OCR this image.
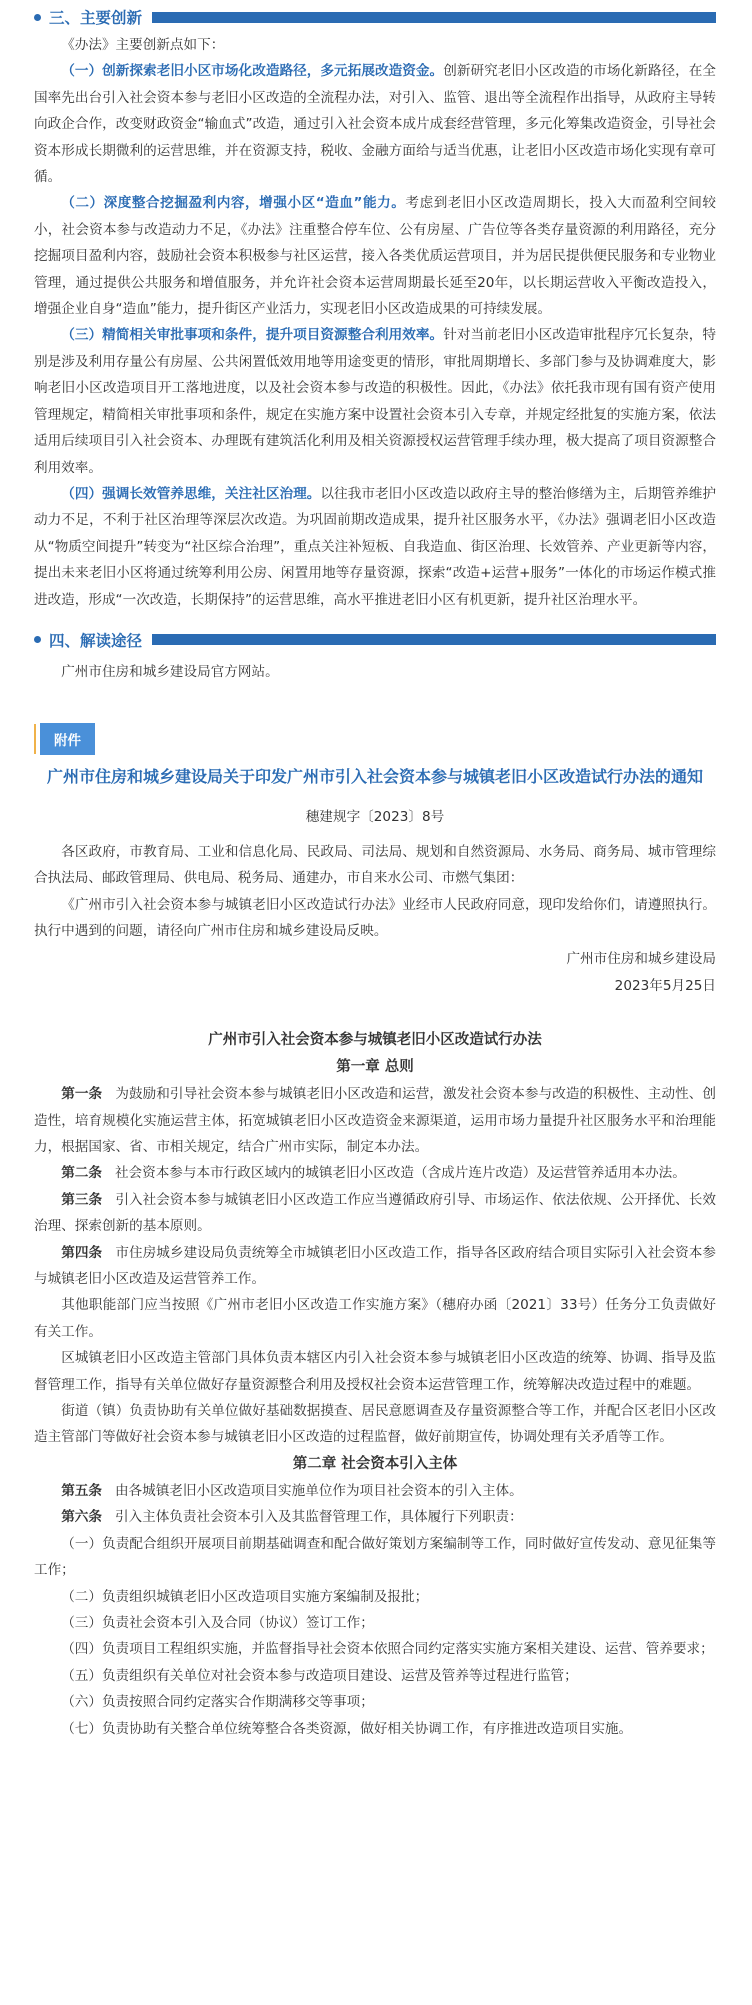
三、主要创新

《办法》主要创新点如下：

（一）创新探索老旧小区市场化改造路径，多元拓展改造资金。创新研究老旧小区改造的市场化新路径，在全国率先出台引入社会资本参与老旧小区改造的全流程办法，对引入、监管、退出等全流程作出指导，从政府主导转向政企合作，改变财政资金“输血式”改造，通过引入社会资本成片成套经营管理，多元化筹集改造资金，引导社会资本形成长期微利的运营思维，并在资源支持，税收、金融方面给与适当优惠，让老旧小区改造市场化实现有章可循。

（二）深度整合挖掘盈利内容，增强小区“造血”能力。考虑到老旧小区改造周期长，投入大而盈利空间较小，社会资本参与改造动力不足，《办法》注重整合停车位、公有房屋、广告位等各类存量资源的利用路径，充分挖掘项目盈利内容，鼓励社会资本积极参与社区运营，接入各类优质运营项目，并为居民提供便民服务和专业物业管理，通过提供公共服务和增值服务，并允许社会资本运营周期最长延至20年，以长期运营收入平衡改造投入，增强企业自身“造血”能力，提升街区产业活力，实现老旧小区改造成果的可持续发展。

（三）精简相关审批事项和条件，提升项目资源整合利用效率。针对当前老旧小区改造审批程序冗长复杂，特别是涉及利用存量公有房屋、公共闲置低效用地等用途变更的情形，审批周期增长、多部门参与及协调难度大，影响老旧小区改造项目开工落地进度，以及社会资本参与改造的积极性。因此，《办法》依托我市现有国有资产使用管理规定，精简相关审批事项和条件，规定在实施方案中设置社会资本引入专章，并规定经批复的实施方案，依法适用后续项目引入社会资本、办理既有建筑活化利用及相关资源授权运营管理手续办理，极大提高了项目资源整合利用效率。

（四）强调长效管养思维，关注社区治理。以往我市老旧小区改造以政府主导的整治修缮为主，后期管养维护动力不足，不利于社区治理等深层次改造。为巩固前期改造成果，提升社区服务水平，《办法》强调老旧小区改造从“物质空间提升”转变为“社区综合治理”，重点关注补短板、自我造血、街区治理、长效管养、产业更新等内容，提出未来老旧小区将通过统筹利用公房、闲置用地等存量资源，探索“改造+运营+服务”一体化的市场运作模式推进改造，形成“一次改造，长期保持”的运营思维，高水平推进老旧小区有机更新，提升社区治理水平。

四、解读途径

广州市住房和城乡建设局官方网站。

附件

广州市住房和城乡建设局关于印发广州市引入社会资本参与城镇老旧小区改造试行办法的通知

穗建规字〔2023〕8号

各区政府，市教育局、工业和信息化局、民政局、司法局、规划和自然资源局、水务局、商务局、城市管理综合执法局、邮政管理局、供电局、税务局、通建办，市自来水公司、市燃气集团：

《广州市引入社会资本参与城镇老旧小区改造试行办法》业经市人民政府同意，现印发给你们，请遵照执行。执行中遇到的问题，请径向广州市住房和城乡建设局反映。

广州市住房和城乡建设局

2023年5月25日

广州市引入社会资本参与城镇老旧小区改造试行办法

第一章 总则

第一条 为鼓励和引导社会资本参与城镇老旧小区改造和运营，激发社会资本参与改造的积极性、主动性、创造性，培育规模化实施运营主体，拓宽城镇老旧小区改造资金来源渠道，运用市场力量提升社区服务水平和治理能力，根据国家、省、市相关规定，结合广州市实际，制定本办法。

第二条 社会资本参与本市行政区域内的城镇老旧小区改造（含成片连片改造）及运营管养适用本办法。

第三条 引入社会资本参与城镇老旧小区改造工作应当遵循政府引导、市场运作、依法依规、公开择优、长效治理、探索创新的基本原则。

第四条 市住房城乡建设局负责统筹全市城镇老旧小区改造工作，指导各区政府结合项目实际引入社会资本参与城镇老旧小区改造及运营管养工作。

其他职能部门应当按照《广州市老旧小区改造工作实施方案》（穗府办函〔2021〕33号）任务分工负责做好有关工作。

区城镇老旧小区改造主管部门具体负责本辖区内引入社会资本参与城镇老旧小区改造的统筹、协调、指导及监督管理工作，指导有关单位做好存量资源整合利用及授权社会资本运营管理工作，统筹解决改造过程中的难题。

街道（镇）负责协助有关单位做好基础数据摸查、居民意愿调查及存量资源整合等工作，并配合区老旧小区改造主管部门等做好社会资本参与城镇老旧小区改造的过程监督，做好前期宣传，协调处理有关矛盾等工作。

第二章 社会资本引入主体

第五条 由各城镇老旧小区改造项目实施单位作为项目社会资本的引入主体。

第六条 引入主体负责社会资本引入及其监督管理工作，具体履行下列职责：

（一）负责配合组织开展项目前期基础调查和配合做好策划方案编制等工作，同时做好宣传发动、意见征集等工作；

（二）负责组织城镇老旧小区改造项目实施方案编制及报批；

（三）负责社会资本引入及合同（协议）签订工作；

（四）负责项目工程组织实施，并监督指导社会资本依照合同约定落实实施方案相关建设、运营、管养要求；

（五）负责组织有关单位对社会资本参与改造项目建设、运营及管养等过程进行监管；

（六）负责按照合同约定落实合作期满移交等事项；

（七）负责协助有关整合单位统筹整合各类资源，做好相关协调工作，有序推进改造项目实施。
